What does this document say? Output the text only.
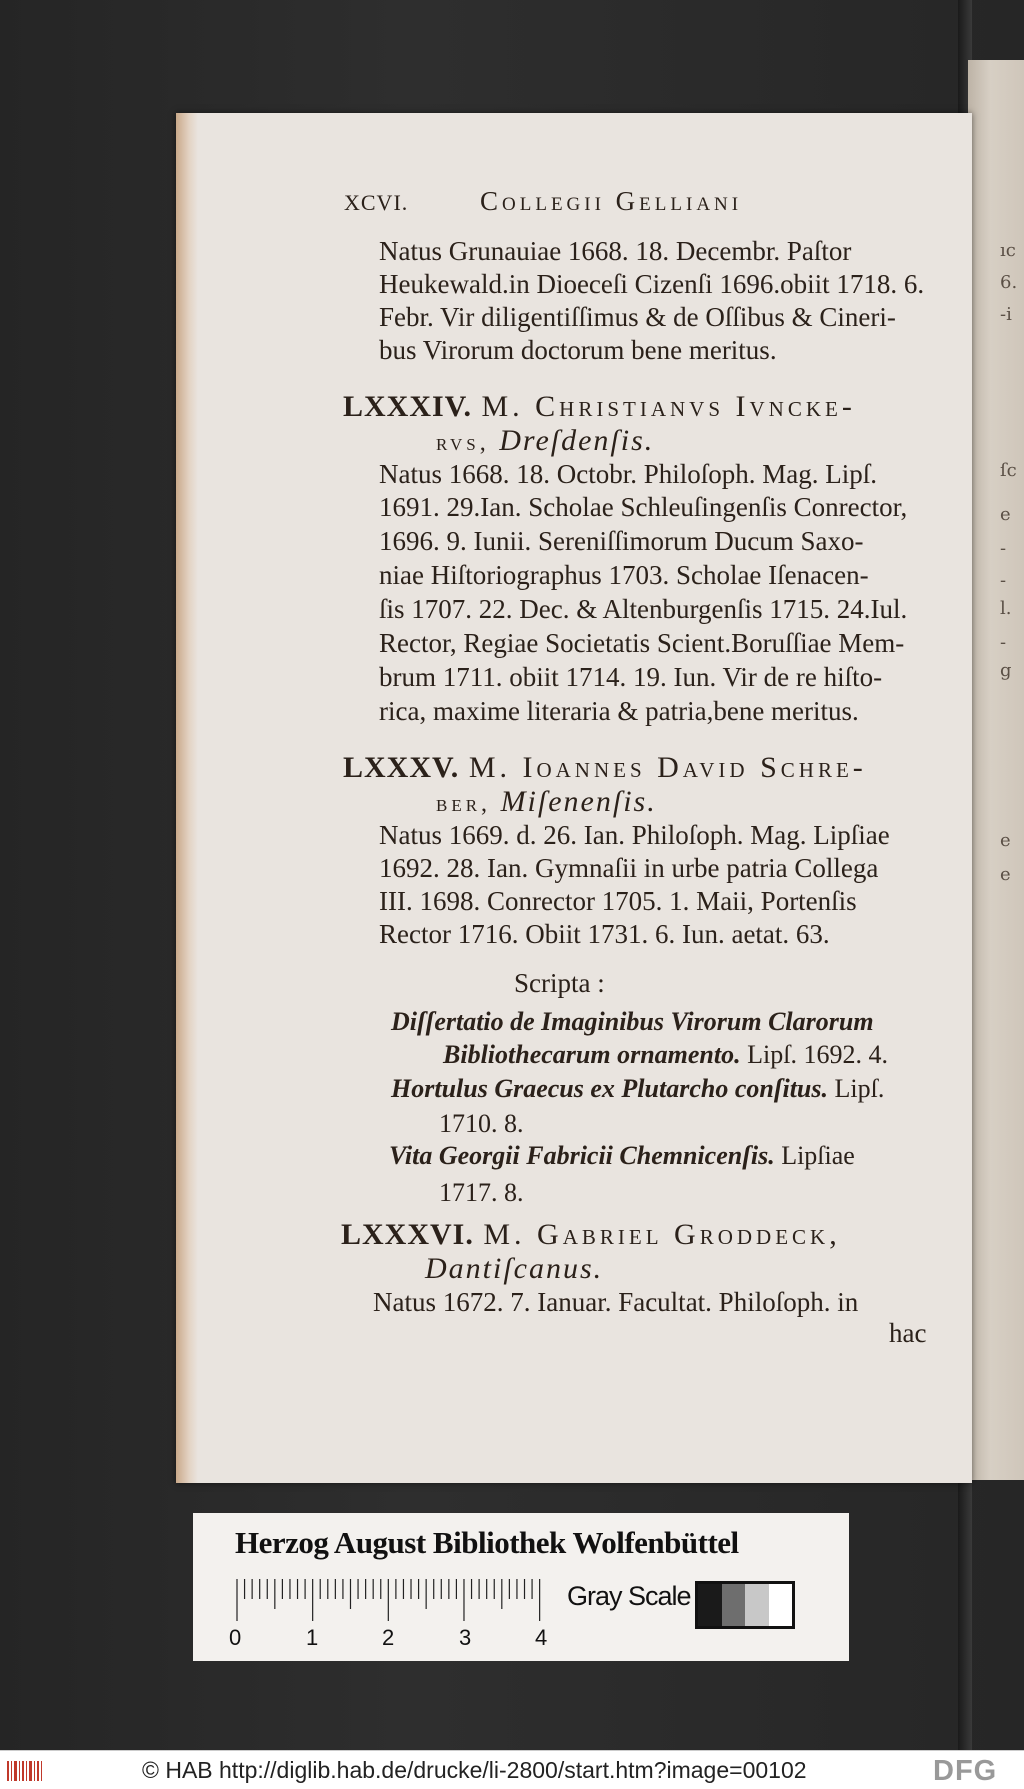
ıc
6.
-i
ſc
e
-
-
l.
-
g
e
e
XCVI.	Collegii Gelliani
Natus Grunauiae 1668. 18. Decembr. Paſtor
Heukewald.in Dioeceſi Cizenſi 1696.obiit 1718. 6.
Febr. Vir diligentiſſimus & de Oſſibus & Cineri-
bus Virorum doctorum bene meritus.
LXXXIV. M. Christianvs Ivncke-
rvs, Dreſdenſis.
Natus 1668. 18. Octobr. Philoſoph. Mag. Lipſ.
1691. 29.Ian. Scholae Schleuſingenſis Conrector,
1696. 9. Iunii. Sereniſſimorum Ducum Saxo-
niae Hiſtoriographus 1703. Scholae Iſenacen-
ſis 1707. 22. Dec. & Altenburgenſis 1715. 24.Iul.
Rector, Regiae Societatis Scient.Boruſſiae Mem-
brum 1711. obiit 1714. 19. Iun. Vir de re hiſto-
rica, maxime literaria & patria,bene meritus.
LXXXV. M. Ioannes David Schre-
ber, Miſenenſis.
Natus 1669. d. 26. Ian. Philoſoph. Mag. Lipſiae
1692. 28. Ian. Gymnaſii in urbe patria Collega
III. 1698. Conrector 1705. 1. Maii, Portenſis
Rector 1716. Obiit 1731. 6. Iun. aetat. 63.
Scripta :
Diſſertatio de Imaginibus Virorum Clarorum
Bibliothecarum ornamento. Lipſ. 1692. 4.
Hortulus Graecus ex Plutarcho conſitus. Lipſ.
1710. 8.
Vita Georgii Fabricii Chemnicenſis. Lipſiae
1717. 8.
LXXXVI. M. Gabriel Groddeck,
Dantiſcanus.
Natus 1672. 7. Ianuar. Facultat. Philoſoph. in
hac
Herzog August Bibliothek Wolfenbüttel
0	1	2	3	4
Gray Scale
© HAB http://diglib.hab.de/drucke/li-2800/start.htm?image=00102	DFG
